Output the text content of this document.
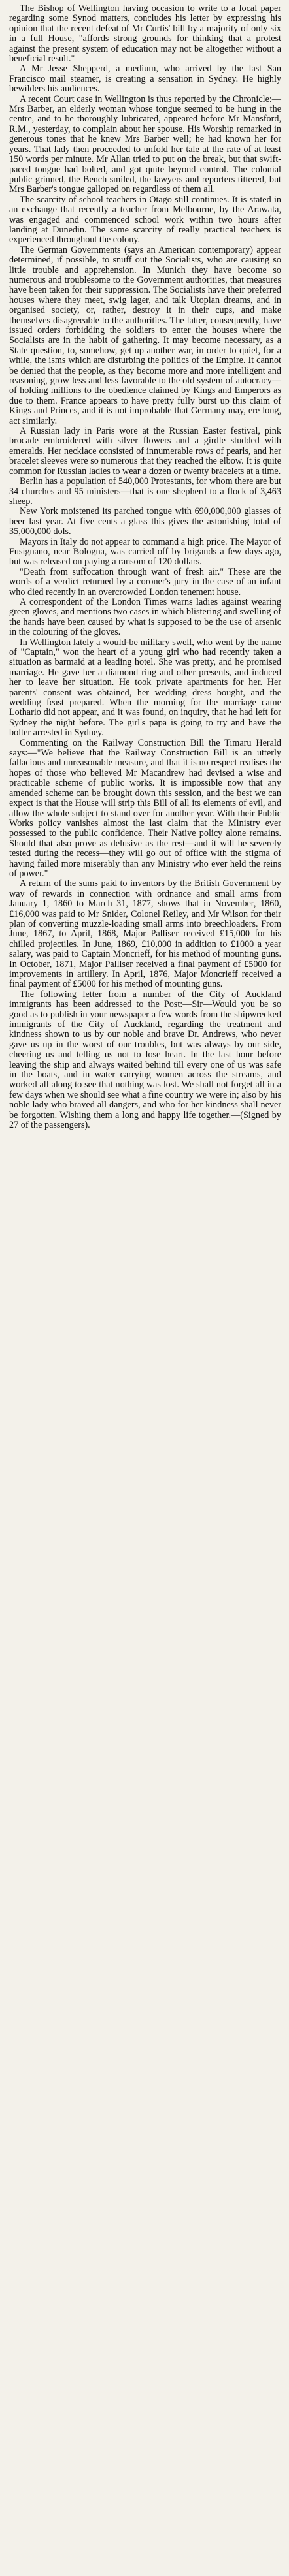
The Bishop of Wellington having occasion to write to a local paper regarding some Synod matters, concludes his letter by expressing his opinion that the recent defeat of Mr Curtis' bill by a majority of only six in a full House, "affords strong grounds for thinking that a protest against the present system of education may not be altogether without a beneficial result."

A Mr Jesse Shepperd, a medium, who arrived by the last San Francisco mail steamer, is creating a sensation in Sydney. He highly bewilders his audiences.

A recent Court case in Wellington is thus reported by the Chronicle:—Mrs Barber, an elderly woman whose tongue seemed to be hung in the centre, and to be thoroughly lubricated, appeared before Mr Mansford, R.M., yesterday, to complain about her spouse. His Worship remarked in generous tones that he knew Mrs Barber well; he had known her for years. That lady then proceeded to unfold her tale at the rate of at least 150 words per minute. Mr Allan tried to put on the break, but that swift-paced tongue had bolted, and got quite beyond control. The colonial public grinned, the Bench smiled, the lawyers and reporters tittered, but Mrs Barber's tongue galloped on regardless of them all.

The scarcity of school teachers in Otago still continues. It is stated in an exchange that recently a teacher from Melbourne, by the Arawata, was engaged and commenced school work within two hours after landing at Dunedin. The same scarcity of really practical teachers is experienced throughout the colony.

The German Governments (says an American contemporary) appear determined, if possible, to snuff out the Socialists, who are causing so little trouble and apprehension. In Munich they have become so numerous and troublesome to the Government authorities, that measures have been taken for their suppression. The Socialists have their preferred houses where they meet, swig lager, and talk Utopian dreams, and in organised society, or, rather, destroy it in their cups, and make themselves disagreeable to the authorities. The latter, consequently, have issued orders forbidding the soldiers to enter the houses where the Socialists are in the habit of gathering. It may become necessary, as a State question, to, somehow, get up another war, in order to quiet, for a while, the isms which are disturbing the politics of the Empire. It cannot be denied that the people, as they become more and more intelligent and reasoning, grow less and less favorable to the old system of autocracy—of holding millions to the obedience claimed by Kings and Emperors as due to them. France appears to have pretty fully burst up this claim of Kings and Princes, and it is not improbable that Germany may, ere long, act similarly.

A Russian lady in Paris wore at the Russian Easter festival, pink brocade embroidered with silver flowers and a girdle studded with emeralds. Her necklace consisted of innumerable rows of pearls, and her bracelet sleeves were so numerous that they reached the elbow. It is quite common for Russian ladies to wear a dozen or twenty bracelets at a time.

Berlin has a population of 540,000 Protestants, for whom there are but 34 churches and 95 ministers—that is one shepherd to a flock of 3,463 sheep.

New York moistened its parched tongue with 690,000,000 glasses of beer last year. At five cents a glass this gives the astonishing total of 35,000,000 dols.

Mayors in Italy do not appear to command a high price. The Mayor of Fusignano, near Bologna, was carried off by brigands a few days ago, but was released on paying a ransom of 120 dollars.

"Death from suffocation through want of fresh air." These are the words of a verdict returned by a coroner's jury in the case of an infant who died recently in an overcrowded London tenement house.

A correspondent of the London Times warns ladies against wearing green gloves, and mentions two cases in which blistering and swelling of the hands have been caused by what is supposed to be the use of arsenic in the colouring of the gloves.

In Wellington lately a would-be military swell, who went by the name of "Captain," won the heart of a young girl who had recently taken a situation as barmaid at a leading hotel. She was pretty, and he promised marriage. He gave her a diamond ring and other presents, and induced her to leave her situation. He took private apartments for her. Her parents' consent was obtained, her wedding dress bought, and the wedding feast prepared. When the morning for the marriage came Lothario did not appear, and it was found, on inquiry, that he had left for Sydney the night before. The girl's papa is going to try and have the bolter arrested in Sydney.

Commenting on the Railway Construction Bill the Timaru Herald says:—"We believe that the Railway Construction Bill is an utterly fallacious and unreasonable measure, and that it is no respect realises the hopes of those who believed Mr Macandrew had devised a wise and practicable scheme of public works. It is impossible now that any amended scheme can be brought down this session, and the best we can expect is that the House will strip this Bill of all its elements of evil, and allow the whole subject to stand over for another year. With their Public Works policy vanishes almost the last claim that the Ministry ever possessed to the public confidence. Their Native policy alone remains. Should that also prove as delusive as the rest—and it will be severely tested during the recess—they will go out of office with the stigma of having failed more miserably than any Ministry who ever held the reins of power."

A return of the sums paid to inventors by the British Government by way of rewards in connection with ordnance and small arms from January 1, 1860 to March 31, 1877, shows that in November, 1860, £16,000 was paid to Mr Snider, Colonel Reiley, and Mr Wilson for their plan of converting muzzle-loading small arms into breechloaders. From June, 1867, to April, 1868, Major Palliser received £15,000 for his chilled projectiles. In June, 1869, £10,000 in addition to £1000 a year salary, was paid to Captain Moncrieff, for his method of mounting guns. In October, 1871, Major Palliser received a final payment of £5000 for improvements in artillery. In April, 1876, Major Moncrieff received a final payment of £5000 for his method of mounting guns.

The following letter from a number of the City of Auckland immigrants has been addressed to the Post:—Sir—Would you be so good as to publish in your newspaper a few words from the shipwrecked immigrants of the City of Auckland, regarding the treatment and kindness shown to us by our noble and brave Dr. Andrews, who never gave us up in the worst of our troubles, but was always by our side, cheering us and telling us not to lose heart. In the last hour before leaving the ship and always waited behind till every one of us was safe in the boats, and in water carrying women across the streams, and worked all along to see that nothing was lost. We shall not forget all in a few days when we should see what a fine country we were in; also by his noble lady who braved all dangers, and who for her kindness shall never be forgotten. Wishing them a long and happy life together.—(Signed by 27 of the passengers).
